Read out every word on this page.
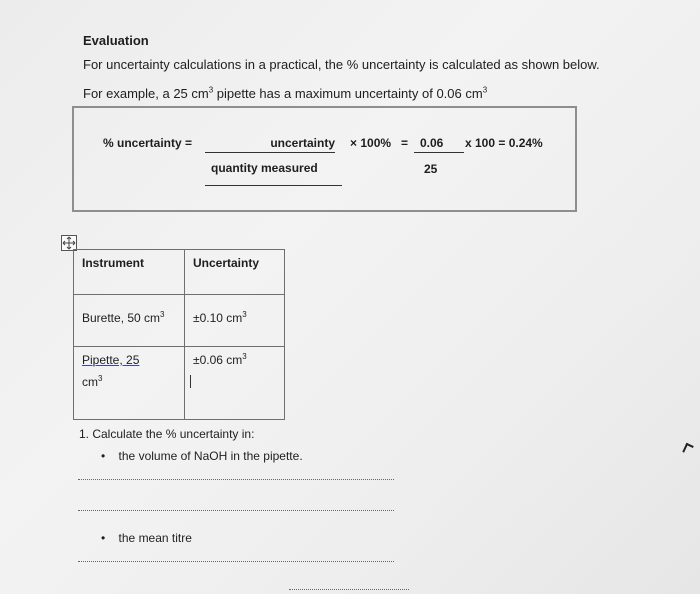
Evaluation
For uncertainty calculations in a practical, the % uncertainty is calculated as shown below.
For example, a 25 $cm^3$ pipette has a maximum uncertainty of 0.06 $cm^3$
% uncertainty =	uncertainty
quantity measured
× 100% = 0.06	x 100 = 0.24%
25
Instrument	Uncertainty

Burette, 50 $cm^3$	±0.10 $cm^3$

Pipette, 25
$cm^3$	±0.06 $cm^3$
1. Calculate the % uncertainty in:
• the volume of NaOH in the pipette.
• the mean titre
